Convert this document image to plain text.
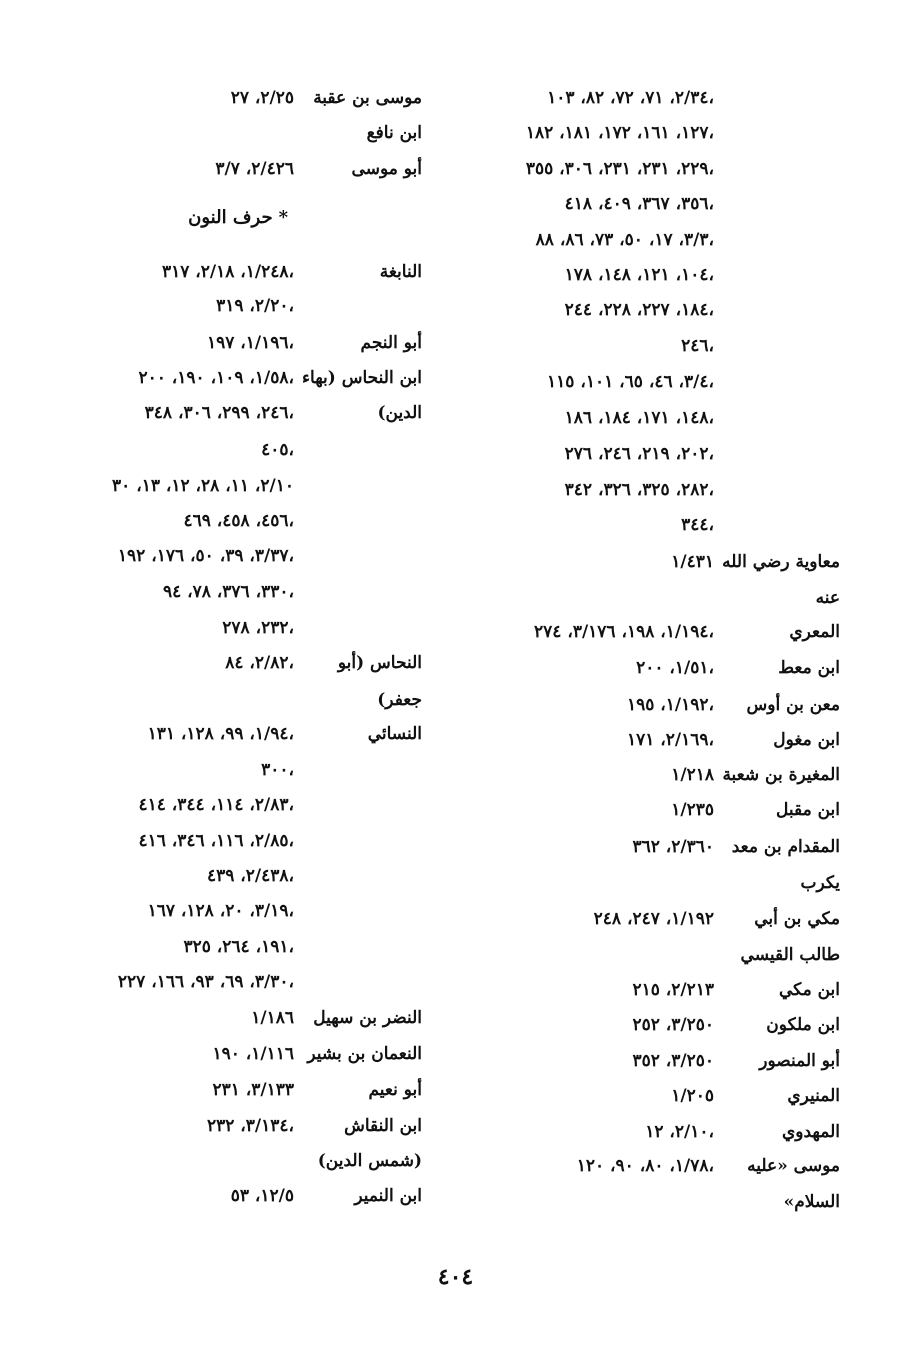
٢/٣٤، ٧١، ٧٢، ٨٢، ١٠٣،
١٢٧، ١٦١، ١٧٢، ١٨١، ١٨٢،
٢٢٩، ٢٣١، ٢٣١، ٣٠٦، ٣٥٥،
٣٥٦، ٣٦٧، ٤٠٩، ٤١٨،
٣/٣، ١٧، ٥٠، ٧٣، ٨٦، ٨٨،
١٠٤، ١٢١، ١٤٨، ١٧٨،
١٨٤، ٢٢٧، ٢٢٨، ٢٤٤،
٢٤٦،
٣/٤، ٤٦، ٦٥، ١٠١، ١١٥،
١٤٨، ١٧١، ١٨٤، ١٨٦،
٢٠٢، ٢١٩، ٢٤٦، ٢٧٦،
٢٨٢، ٣٢٥، ٣٢٦، ٣٤٢،
٣٤٤،
معاوية رضي الله
١/٤٣١
عنه
المعري
١/١٩٤، ١٩٨، ٣/١٧٦، ٢٧٤،
ابن معط
١/٥١، ٢٠٠،
معن بن أوس
١/١٩٢، ١٩٥،
ابن مغول
٢/١٦٩، ١٧١،
المغيرة بن شعبة
١/٢١٨
ابن مقبل
١/٢٣٥
المقدام بن معد
٢/٣٦٠، ٣٦٢
يكرب
مكي بن أبي
١/١٩٢، ٢٤٧، ٢٤٨
طالب القيسي
ابن مكي
٢/٢١٣، ٢١٥
ابن ملكون
٣/٢٥٠، ٢٥٢
أبو المنصور
٣/٢٥٠، ٣٥٢
المنيري
١/٢٠٥
المهدوي
٢/١٠، ١٢،
موسى «عليه
١/٧٨، ٨٠، ٩٠، ١٢٠،
السلام»
موسى بن عقبة
٢/٢٥، ٢٧
ابن نافع
أبو موسى
٢/٤٢٦، ٣/٧
*حرف النون
النابغة
١/٢٤٨، ٢/١٨، ٣١٧،
٢/٢٠، ٣١٩،
أبو النجم
١/١٩٦، ١٩٧،
ابن النحاس (بهاء
١/٥٨، ١٠٩، ١٩٠، ٢٠٠،
الدين)
٢٤٦، ٢٩٩، ٣٠٦، ٣٤٨،
٤٠٥،
٢/١٠، ١١، ٢٨، ١٢، ١٣، ٣٠
٤٥٦، ٤٥٨، ٤٦٩،
٣/٣٧، ٣٩، ٥٠، ١٧٦، ١٩٢،
٣٣٠، ٣٧٦، ٧٨، ٩٤،
٢٣٢، ٢٧٨،
النحاس (أبو
٢/٨٢، ٨٤،
جعفر)
النسائي
١/٩٤، ٩٩، ١٢٨، ١٣١،
٣٠٠،
٢/٨٣، ١١٤، ٣٤٤، ٤١٤،
٢/٨٥، ١١٦، ٣٤٦، ٤١٦،
٢/٤٣٨، ٤٣٩،
٣/١٩، ٢٠، ١٢٨، ١٦٧،
١٩١، ٢٦٤، ٣٢٥،
٣/٣٠، ٦٩، ٩٣، ١٦٦، ٢٢٧،
النضر بن سهيل
١/١٨٦
النعمان بن بشير
١/١١٦، ١٩٠
أبو نعيم
٣/١٣٣، ٢٣١
ابن النقاش
٣/١٣٤، ٢٣٢،
(شمس الدين)
ابن النمير
١٢/٥، ٥٣
٤٠٤
